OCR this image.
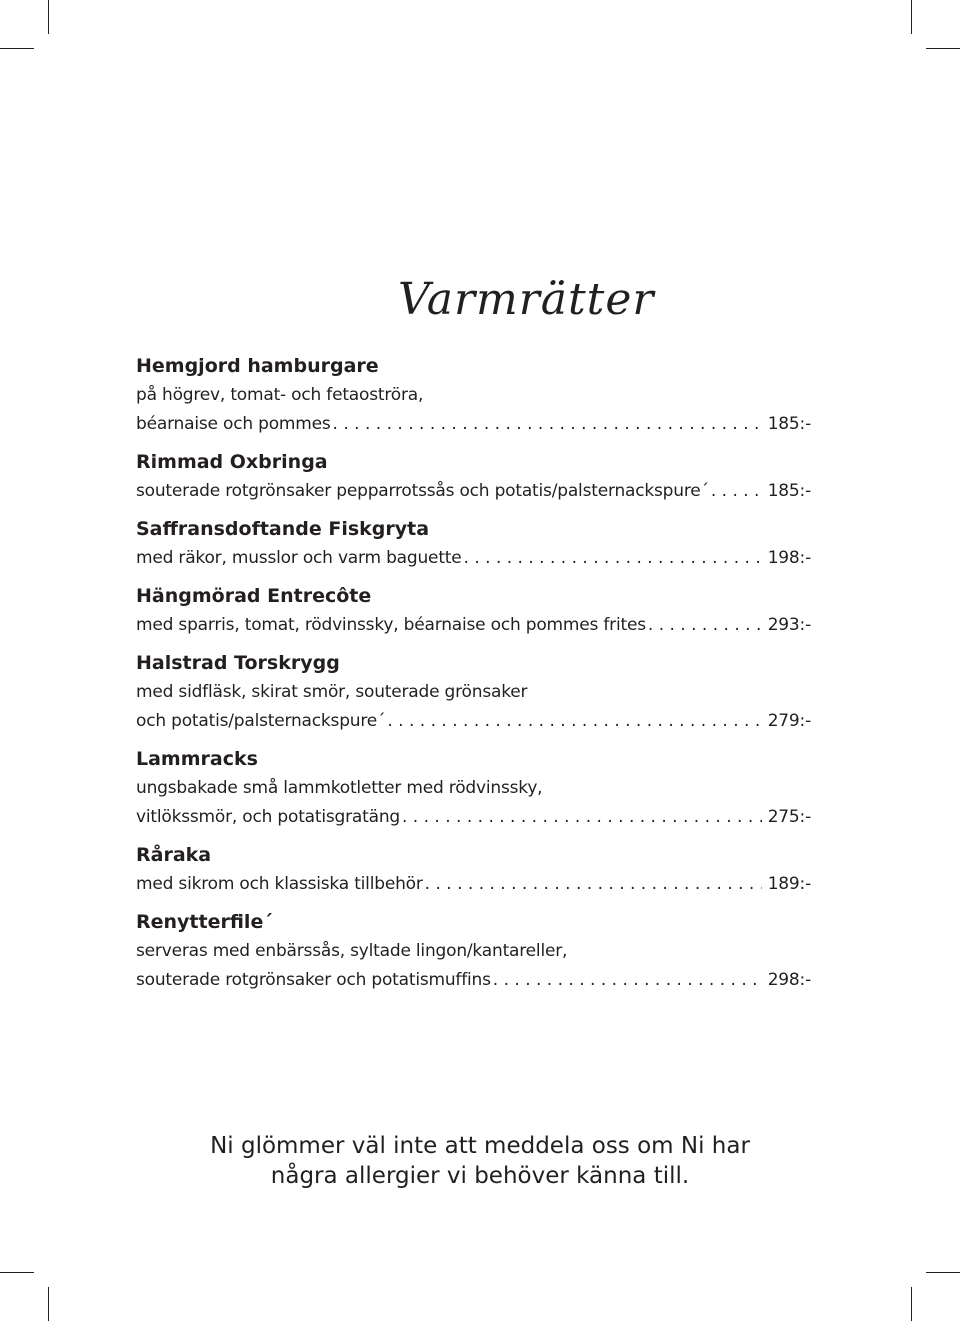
Varmrätter
Hemgjord hamburgare
på högrev, tomat- och fetaoströra,
béarnaise och pommes . . .	185:-
Rimmad Oxbringa
souterade rotgrönsaker pepparrotssås och potatis/palsternackspure´ . . .	185:-
Saffransdoftande Fiskgryta
med räkor, musslor och varm baguette . . .	198:-
Hängmörad Entrecôte
med sparris, tomat, rödvinssky, béarnaise och pommes frites . . .	293:-
Halstrad Torskrygg
med sidfläsk, skirat smör, souterade grönsaker
och potatis/palsternackspure´ . . .	279:-
Lammracks
ungsbakade små lammkotletter med rödvinssky,
vitlökssmör, och potatisgratäng . . .	275:-
Råraka
med sikrom och klassiska tillbehör . . .	189:-
Renytterfile´
serveras med enbärssås, syltade lingon/kantareller,
souterade rotgrönsaker och potatismuffins . . .	298:-
Ni glömmer väl inte att meddela oss om Ni har
några allergier vi behöver känna till.
